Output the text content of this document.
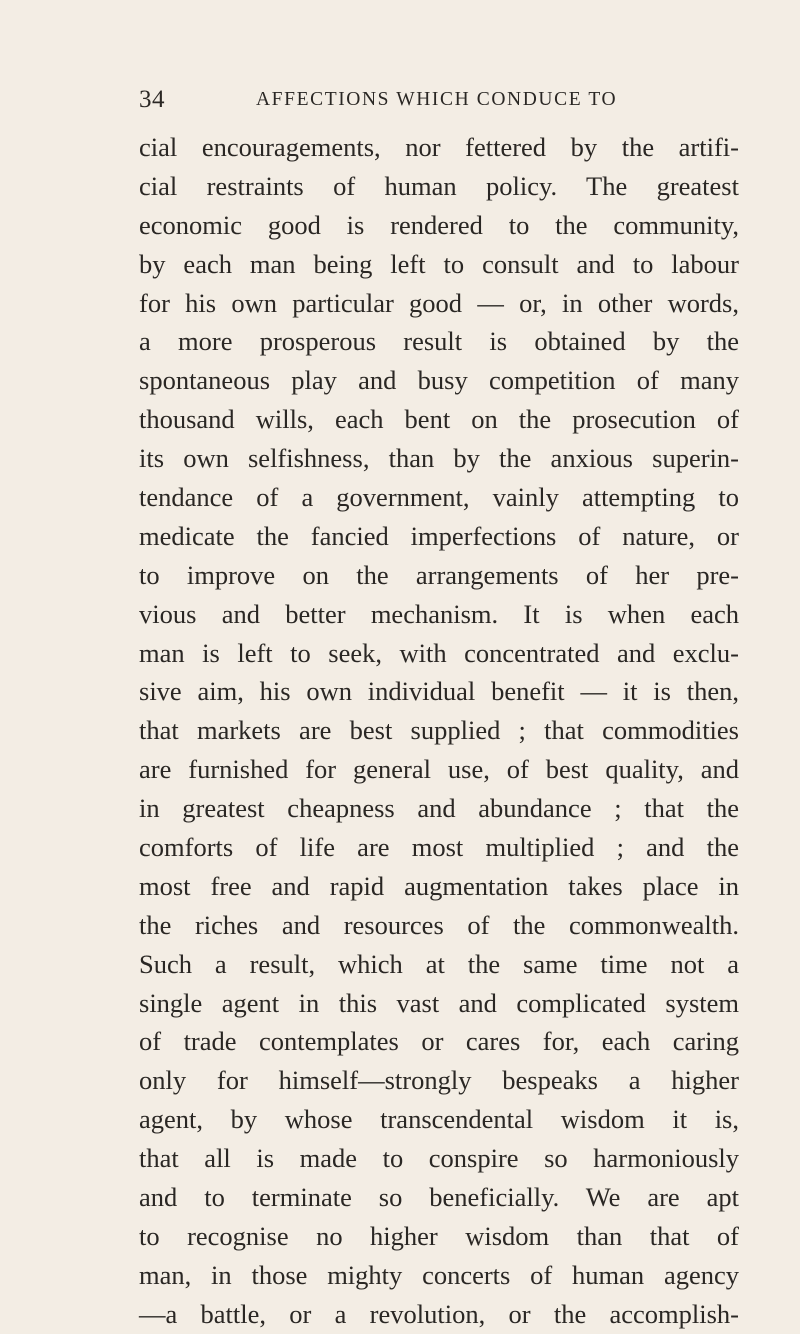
34	AFFECTIONS WHICH CONDUCE TO
cial encouragements, nor fettered by the artifi-
cial restraints of human policy. The greatest
economic good is rendered to the community,
by each man being left to consult and to labour
for his own particular good — or, in other words,
a more prosperous result is obtained by the
spontaneous play and busy competition of many
thousand wills, each bent on the prosecution of
its own selfishness, than by the anxious superin-
tendance of a government, vainly attempting to
medicate the fancied imperfections of nature, or
to improve on the arrangements of her pre-
vious and better mechanism. It is when each
man is left to seek, with concentrated and exclu-
sive aim, his own individual benefit — it is then,
that markets are best supplied ; that commodities
are furnished for general use, of best quality, and
in greatest cheapness and abundance ; that the
comforts of life are most multiplied ; and the
most free and rapid augmentation takes place in
the riches and resources of the commonwealth.
Such a result, which at the same time not a
single agent in this vast and complicated system
of trade contemplates or cares for, each caring
only for himself—strongly bespeaks a higher
agent, by whose transcendental wisdom it is,
that all is made to conspire so harmoniously
and to terminate so beneficially. We are apt
to recognise no higher wisdom than that of
man, in those mighty concerts of human agency
—a battle, or a revolution, or the accomplish-
